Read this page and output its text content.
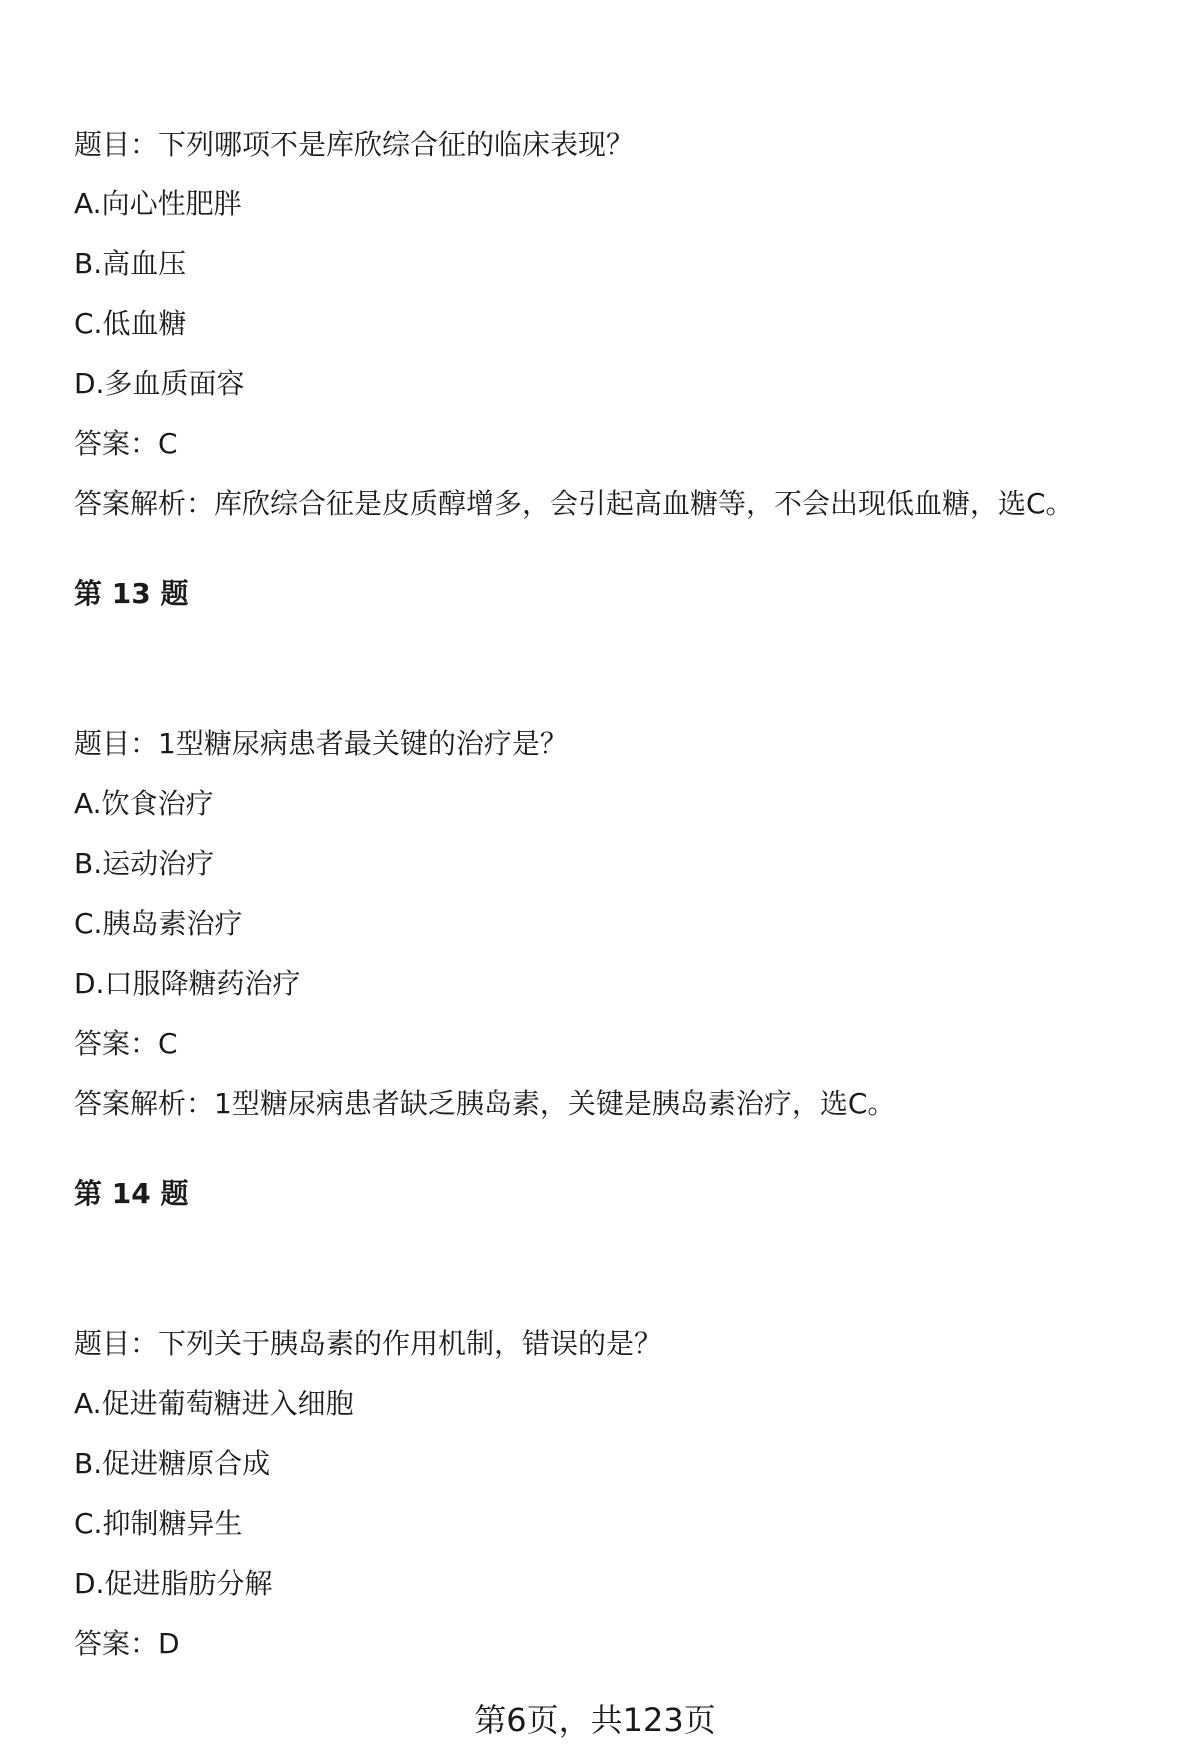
题目：下列哪项不是库欣综合征的临床表现？
A.向心性肥胖
B.高血压
C.低血糖
D.多血质面容
答案：C
答案解析：库欣综合征是皮质醇增多，会引起高血糖等，不会出现低血糖，选C。
第 13 题
题目：1型糖尿病患者最关键的治疗是？
A.饮食治疗
B.运动治疗
C.胰岛素治疗
D.口服降糖药治疗
答案：C
答案解析：1型糖尿病患者缺乏胰岛素，关键是胰岛素治疗，选C。
第 14 题
题目：下列关于胰岛素的作用机制，错误的是？
A.促进葡萄糖进入细胞
B.促进糖原合成
C.抑制糖异生
D.促进脂肪分解
答案：D
第6页，共123页
